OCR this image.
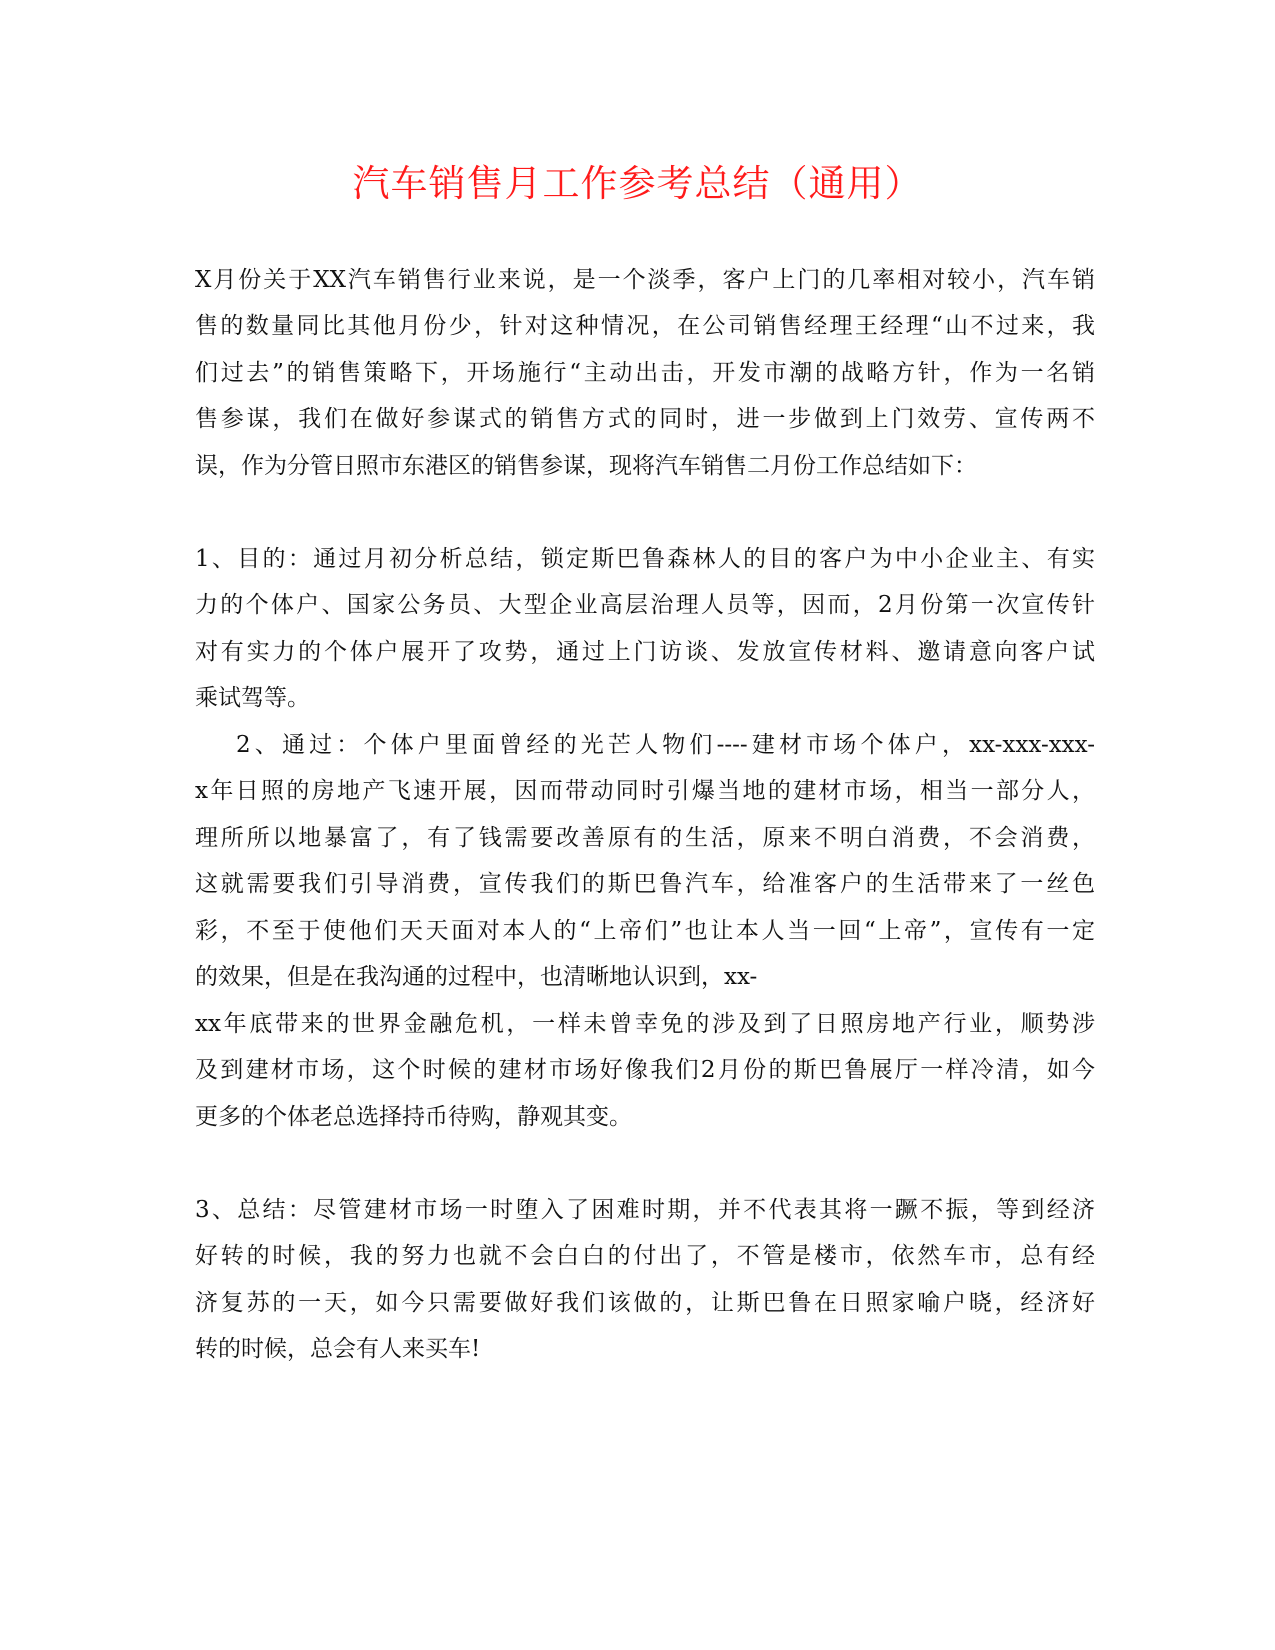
汽车销售月工作参考总结（通用）
X月份关于XX汽车销售行业来说，是一个淡季，客户上门的几率相对较小，汽车销
售的数量同比其他月份少，针对这种情况，在公司销售经理王经理“山不过来，我
们过去”的销售策略下，开场施行“主动出击，开发市潮的战略方针，作为一名销
售参谋，我们在做好参谋式的销售方式的同时，进一步做到上门效劳、宣传两不
误，作为分管日照市东港区的销售参谋，现将汽车销售二月份工作总结如下：
1、目的：通过月初分析总结，锁定斯巴鲁森林人的目的客户为中小企业主、有实
力的个体户、国家公务员、大型企业高层治理人员等，因而，2月份第一次宣传针
对有实力的个体户展开了攻势，通过上门访谈、发放宣传材料、邀请意向客户试
乘试驾等。
2、通过：个体户里面曾经的光芒人物们----建材市场个体户，xx-xxx-xxx-
x年日照的房地产飞速开展，因而带动同时引爆当地的建材市场，相当一部分人，
理所所以地暴富了，有了钱需要改善原有的生活，原来不明白消费，不会消费，
这就需要我们引导消费，宣传我们的斯巴鲁汽车，给准客户的生活带来了一丝色
彩，不至于使他们天天面对本人的“上帝们”也让本人当一回“上帝”，宣传有一定
的效果，但是在我沟通的过程中，也清晰地认识到，xx-
xx年底带来的世界金融危机，一样未曾幸免的涉及到了日照房地产行业，顺势涉
及到建材市场，这个时候的建材市场好像我们2月份的斯巴鲁展厅一样冷清，如今
更多的个体老总选择持币待购，静观其变。
3、总结：尽管建材市场一时堕入了困难时期，并不代表其将一蹶不振，等到经济
好转的时候，我的努力也就不会白白的付出了，不管是楼市，依然车市，总有经
济复苏的一天，如今只需要做好我们该做的，让斯巴鲁在日照家喻户晓，经济好
转的时候，总会有人来买车!
